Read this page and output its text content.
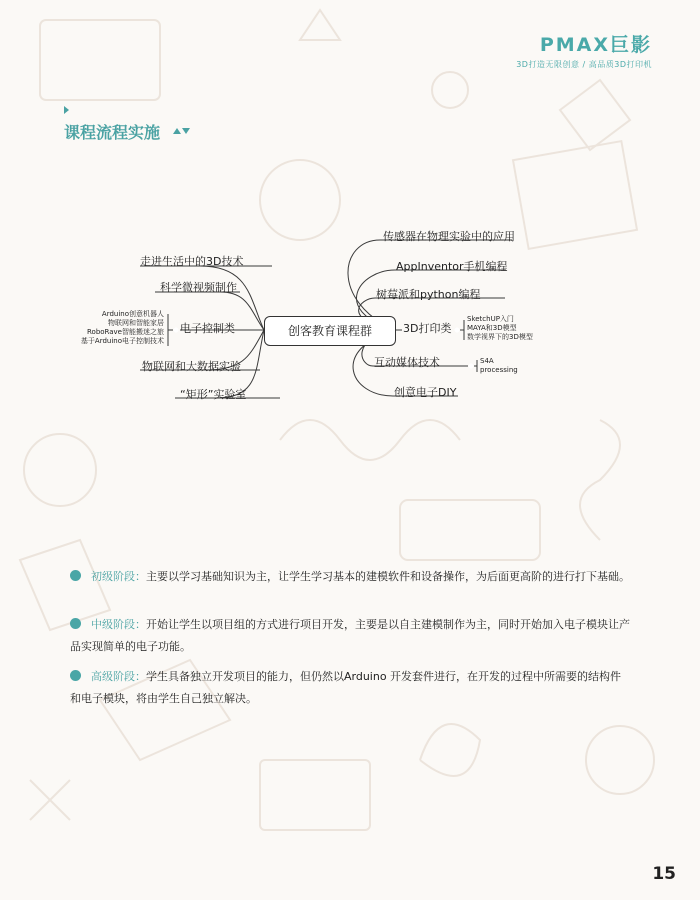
PMAX巨影
3D打造无限创意 / 高品质3D打印机
课程流程实施
走进生活中的3D技术
科学微视频制作
电子控制类
Arduino创意机器人
物联网和智能家居
RoboRave智能搬迷之旅
基于Arduino电子控制技术
物联网和大数据实验
“矩形”实验室
创客教育课程群
传感器在物理实验中的应用
AppInventor手机编程
树莓派和python编程
3D打印类
SketchUP入门
MAYA和3D模型
数学视界下的3D模型
互动媒体技术	S4A
processing
创意电子DIY
初级阶段：主要以学习基础知识为主，让学生学习基本的建模软件和设备操作，为后面更高阶的进行打下基础。
中级阶段：开始让学生以项目组的方式进行项目开发，主要是以自主建模制作为主，同时开始加入电子模块让产品实现简单的电子功能。
高级阶段：学生具备独立开发项目的能力，但仍然以Arduino 开发套件进行，在开发的过程中所需要的结构件和电子模块，将由学生自己独立解决。
15
